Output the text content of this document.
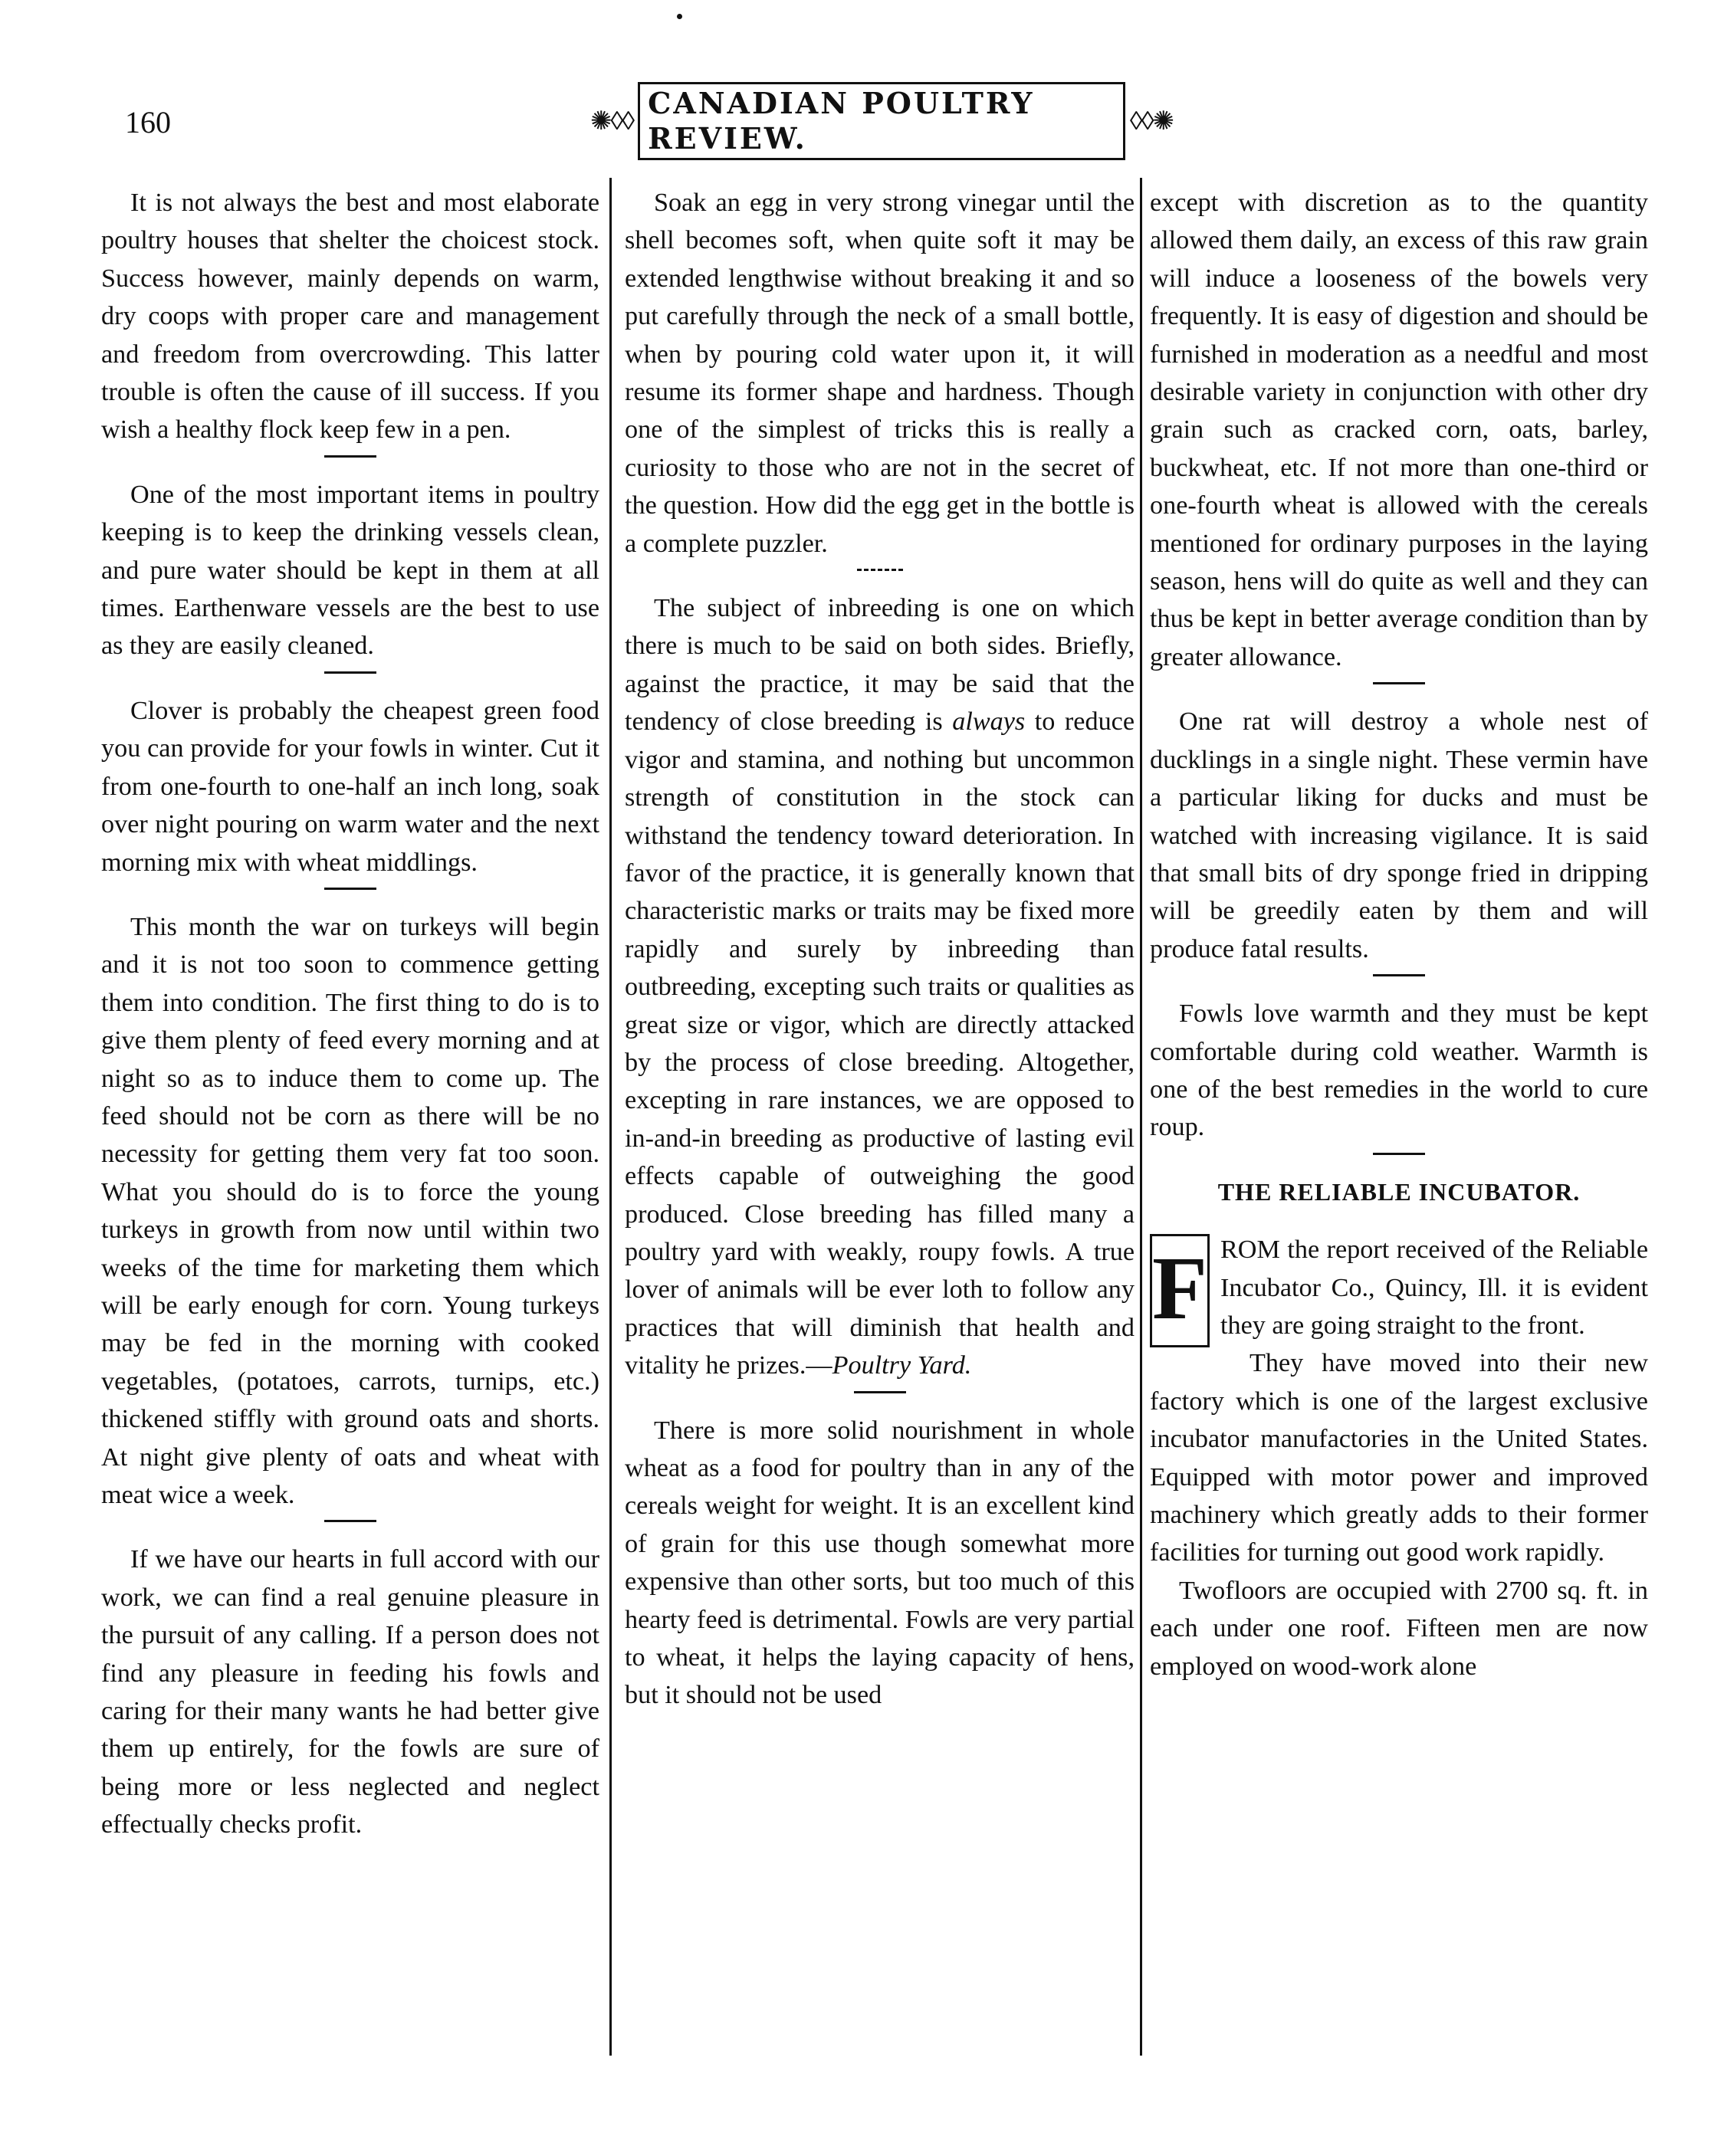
160	✺◊◊
CANADIAN POULTRY REVIEW.	◊◊✺

It is not always the best and most elaborate poultry houses that shelter the choicest stock. Success however, mainly depends on warm, dry coops with proper care and management and freedom from overcrowding. This latter trouble is often the cause of ill success. If you wish a healthy flock keep few in a pen.

One of the most important items in poultry keeping is to keep the drinking vessels clean, and pure water should be kept in them at all times. Earthenware vessels are the best to use as they are easily cleaned.

Clover is probably the cheapest green food you can provide for your fowls in winter. Cut it from one-fourth to one-half an inch long, soak over night pouring on warm water and the next morning mix with wheat middlings.

This month the war on turkeys will begin and it is not too soon to commence getting them into condition. The first thing to do is to give them plenty of feed every morning and at night so as to induce them to come up. The feed should not be corn as there will be no necessity for getting them very fat too soon. What you should do is to force the young turkeys in growth from now until within two weeks of the time for marketing them which will be early enough for corn. Young turkeys may be fed in the morning with cooked vegetables, (potatoes, carrots, turnips, etc.) thickened stiffly with ground oats and shorts. At night give plenty of oats and wheat with meat wice a week.

If we have our hearts in full accord with our work, we can find a real genuine pleasure in the pursuit of any calling. If a person does not find any pleasure in feeding his fowls and caring for their many wants he had better give them up entirely, for the fowls are sure of being more or less neglected and neglect effectually checks profit.

Soak an egg in very strong vinegar until the shell becomes soft, when quite soft it may be extended lengthwise without breaking it and so put carefully through the neck of a small bottle, when by pouring cold water upon it, it will resume its former shape and hardness. Though one of the simplest of tricks this is really a curiosity to those who are not in the secret of the question. How did the egg get in the bottle is a complete puzzler.

The subject of inbreeding is one on which there is much to be said on both sides. Briefly, against the practice, it may be said that the tendency of close breeding is always to reduce vigor and stamina, and nothing but uncommon strength of constitution in the stock can withstand the tendency toward deterioration. In favor of the practice, it is generally known that characteristic marks or traits may be fixed more rapidly and surely by inbreeding than outbreeding, excepting such traits or qualities as great size or vigor, which are directly attacked by the process of close breeding. Altogether, excepting in rare instances, we are opposed to in-and-in breeding as productive of lasting evil effects capable of outweighing the good produced. Close breeding has filled many a poultry yard with weakly, roupy fowls. A true lover of animals will be ever loth to follow any practices that will diminish that health and vitality he prizes.—Poultry Yard.

There is more solid nourishment in whole wheat as a food for poultry than in any of the cereals weight for weight. It is an excellent kind of grain for this use though somewhat more expensive than other sorts, but too much of this hearty feed is detrimental. Fowls are very partial to wheat, it helps the laying capacity of hens, but it should not be used

except with discretion as to the quantity allowed them daily, an excess of this raw grain will induce a looseness of the bowels very frequently. It is easy of digestion and should be furnished in moderation as a needful and most desirable variety in conjunction with other dry grain such as cracked corn, oats, barley, buckwheat, etc. If not more than one-third or one-fourth wheat is allowed with the cereals mentioned for ordinary purposes in the laying season, hens will do quite as well and they can thus be kept in better average condition than by greater allowance.

One rat will destroy a whole nest of ducklings in a single night. These vermin have a particular liking for ducks and must be watched with increasing vigilance. It is said that small bits of dry sponge fried in dripping will be greedily eaten by them and will produce fatal results.

Fowls love warmth and they must be kept comfortable during cold weather. Warmth is one of the best remedies in the world to cure roup.

THE RELIABLE INCUBATOR.
F ROM the report received of the Reliable Incubator Co., Quincy, Ill. it is evident they are going straight to the front.

They have moved into their new factory which is one of the largest exclusive incubator manufactories in the United States. Equipped with motor power and improved machinery which greatly adds to their former facilities for turning out good work rapidly.

Twofloors are occupied with 2700 sq. ft. in each under one roof. Fifteen men are now employed on wood-work alone
